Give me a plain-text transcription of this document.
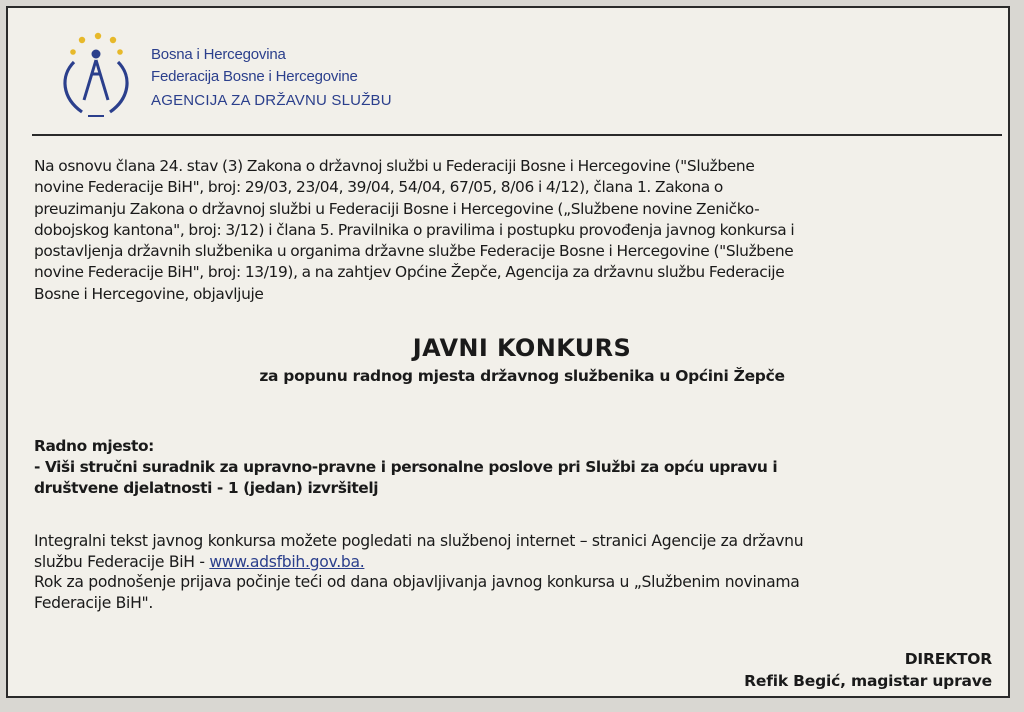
Bosna i Hercegovina
Federacija Bosne i Hercegovine
AGENCIJA ZA DRŽAVNU SLUŽBU
Na osnovu člana 24. stav (3) Zakona o državnoj službi u Federaciji Bosne i Hercegovine ("Službene
novine Federacije BiH", broj: 29/03, 23/04, 39/04, 54/04, 67/05, 8/06 i 4/12), člana 1. Zakona o
preuzimanju Zakona o državnoj službi u Federaciji Bosne i Hercegovine („Službene novine Zeničko-
dobojskog kantona", broj: 3/12) i člana 5. Pravilnika o pravilima i postupku provođenja javnog konkursa i
postavljenja državnih službenika u organima državne službe Federacije Bosne i Hercegovine ("Službene
novine Federacije BiH", broj: 13/19), a na zahtjev Općine Žepče, Agencija za državnu službu Federacije
Bosne i Hercegovine, objavljuje
JAVNI KONKURS
za popunu radnog mjesta državnog službenika u Općini Žepče
Radno mjesto:
- Viši stručni suradnik za upravno-pravne i personalne poslove pri Službi za opću upravu i
društvene djelatnosti - 1 (jedan) izvršitelj
Integralni tekst javnog konkursa možete pogledati na službenoj internet – stranici Agencije za državnu
službu Federacije BiH - www.adsfbih.gov.ba.
Rok za podnošenje prijava počinje teći od dana objavljivanja javnog konkursa u „Službenim novinama
Federacije BiH".
DIREKTOR
Refik Begić, magistar uprave
